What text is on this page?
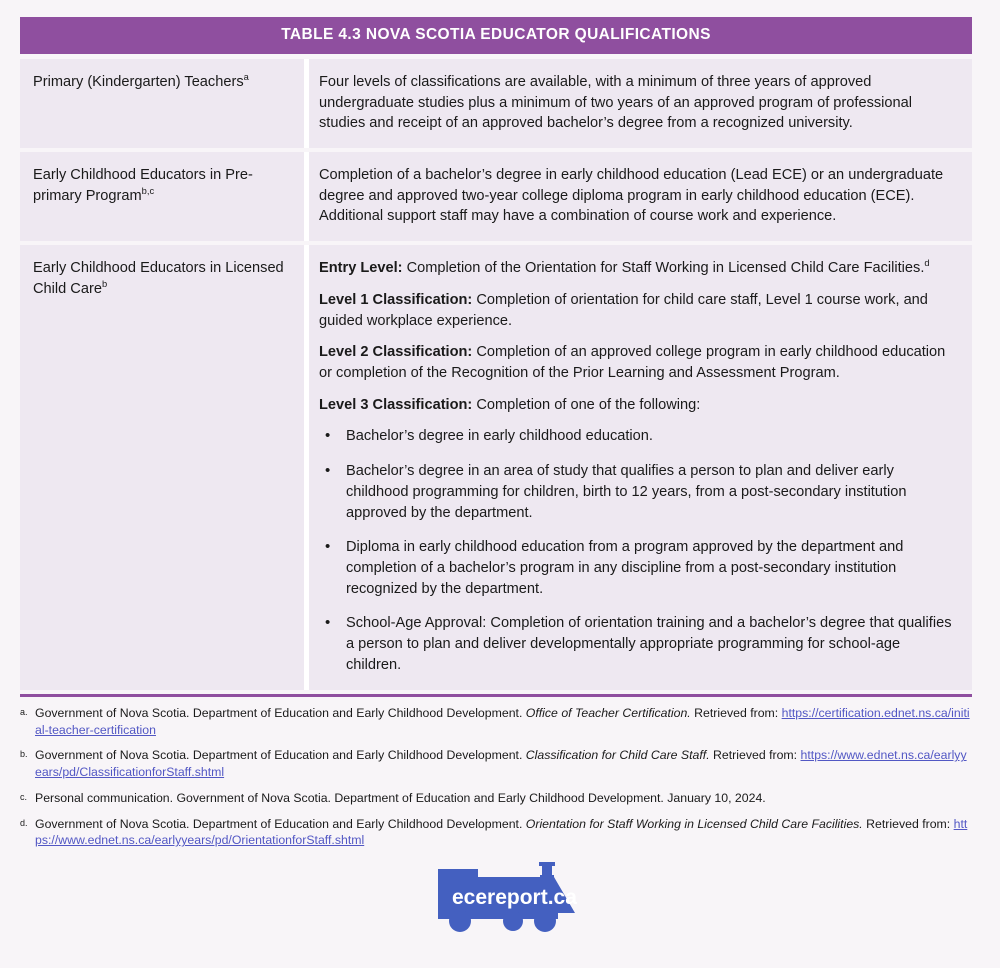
TABLE 4.3 NOVA SCOTIA EDUCATOR QUALIFICATIONS
Primary (Kindergarten) Teachers$^a$	Four levels of classifications are available, with a minimum of three years of approved undergraduate studies plus a minimum of two years of an approved program of professional studies and receipt of an approved bachelor’s degree from a recognized university.

Early Childhood Educators in Pre-primary Program$^{b,c}$

Completion of a bachelor’s degree in early childhood education (Lead ECE) or an undergraduate degree and approved two-year college diploma program in early childhood education (ECE). Additional support staff may have a combination of course work and experience.

Early Childhood Educators in Licensed Child Care$^b$

Entry Level: Completion of the Orientation for Staff Working in Licensed Child Care Facilities.$^d$

Level 1 Classification: Completion of orientation for child care staff, Level 1 course work, and guided workplace experience.

Level 2 Classification: Completion of an approved college program in early childhood education or completion of the Recognition of the Prior Learning and Assessment Program.

Level 3 Classification: Completion of one of the following:

• Bachelor’s degree in early childhood education.
• Bachelor’s degree in an area of study that qualifies a person to plan and deliver early childhood programming for children, birth to 12 years, from a post-secondary institution approved by the department.
• Diploma in early childhood education from a program approved by the department and completion of a bachelor’s program in any discipline from a post-secondary institution recognized by the department.
• School-Age Approval: Completion of orientation training and a bachelor’s degree that qualifies a person to plan and deliver developmentally appropriate programming for school-age children.
a. Government of Nova Scotia. Department of Education and Early Childhood Development. Office of Teacher Certification. Retrieved from: https://certification.ednet.ns.ca/initial-teacher-certification
b. Government of Nova Scotia. Department of Education and Early Childhood Development. Classification for Child Care Staff. Retrieved from: https://www.ednet.ns.ca/earlyyears/pd/ClassificationforStaff.shtml
c. Personal communication. Government of Nova Scotia. Department of Education and Early Childhood Development. January 10, 2024.
d. Government of Nova Scotia. Department of Education and Early Childhood Development. Orientation for Staff Working in Licensed Child Care Facilities. Retrieved from: https://www.ednet.ns.ca/earlyyears/pd/OrientationforStaff.shtml
ecereport.ca
